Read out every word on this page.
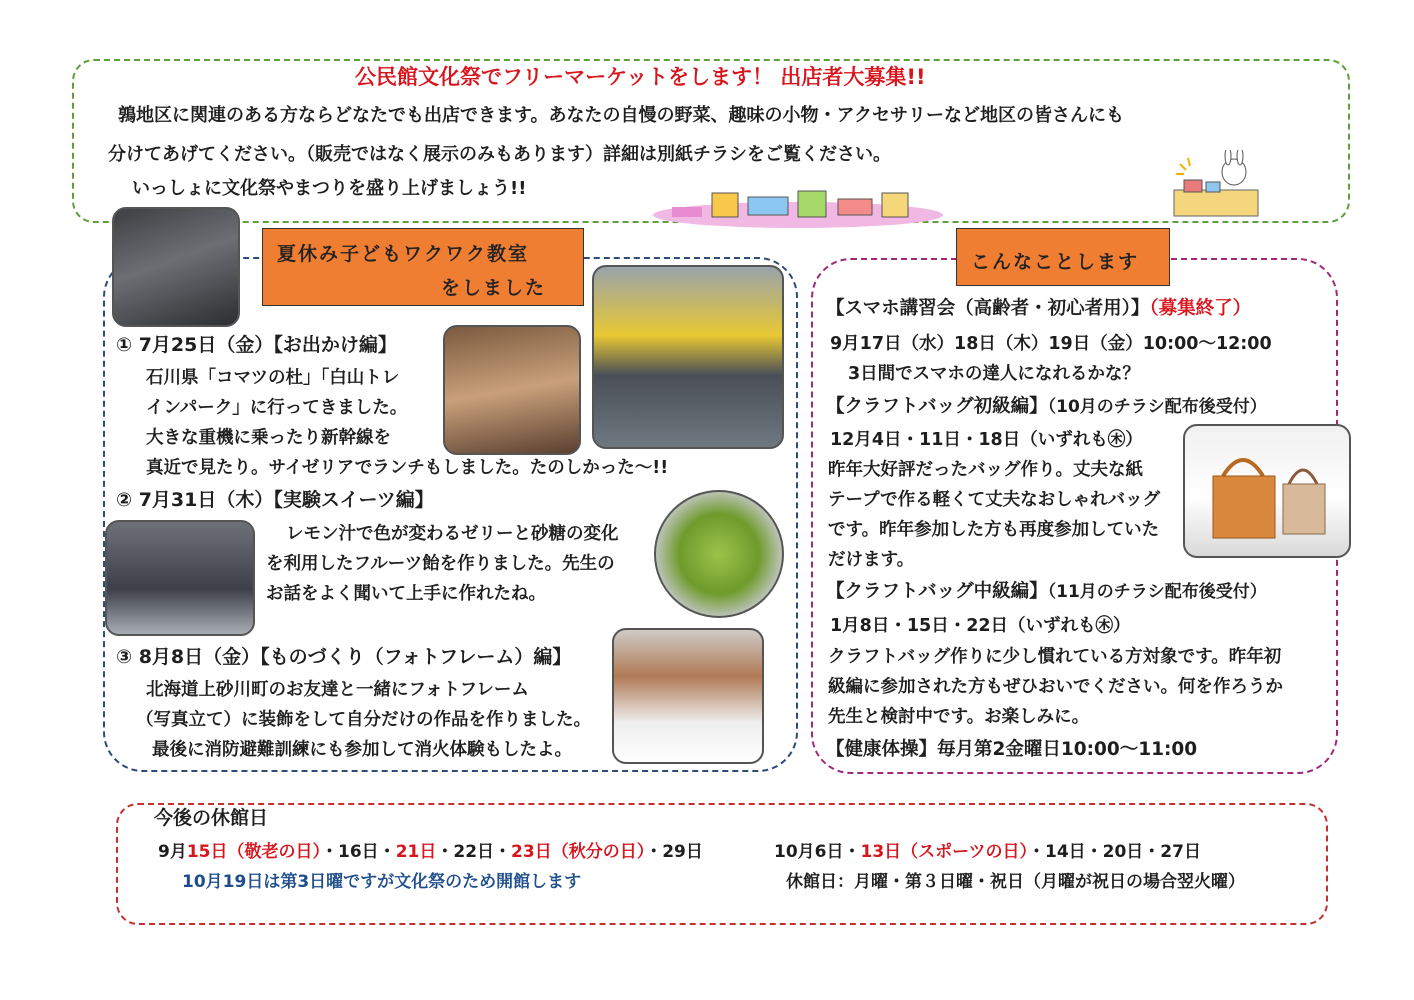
公民館文化祭でフリーマーケットをします！ 出店者大募集!!
鶉地区に関連のある方ならどなたでも出店できます。あなたの自慢の野菜、趣味の小物・アクセサリーなど地区の皆さんにも
分けてあげてください。（販売ではなく展示のみもあります）詳細は別紙チラシをご覧ください。
いっしょに文化祭やまつりを盛り上げましょう!!
夏休み子どもワクワク教室
をしました
① 7月25日（金）【お出かけ編】
石川県「コマツの杜」「白山トレ
インパーク」に行ってきました。
大きな重機に乗ったり新幹線を
真近で見たり。サイゼリアでランチもしました。たのしかった～!!
② 7月31日（木）【実験スイーツ編】
レモン汁で色が変わるゼリーと砂糖の変化
を利用したフルーツ飴を作りました。先生の
お話をよく聞いて上手に作れたね。
③ 8月8日（金）【ものづくり（フォトフレーム）編】
北海道上砂川町のお友達と一緒にフォトフレーム
（写真立て）に装飾をして自分だけの作品を作りました。
最後に消防避難訓練にも参加して消火体験もしたよ。
こんなことします
【スマホ講習会（高齢者・初心者用）】（募集終了）
9月17日（水）18日（木）19日（金）10:00～12:00
3日間でスマホの達人になれるかな？
【クラフトバッグ初級編】（10月のチラシ配布後受付）
12月4日・11日・18日（いずれも㊍）
昨年大好評だったバッグ作り。丈夫な紙
テープで作る軽くて丈夫なおしゃれバッグ
です。昨年参加した方も再度参加していた
だけます。
【クラフトバッグ中級編】（11月のチラシ配布後受付）
1月8日・15日・22日（いずれも㊍）
クラフトバッグ作りに少し慣れている方対象です。昨年初
級編に参加された方もぜひおいでください。何を作ろうか
先生と検討中です。お楽しみに。
【健康体操】毎月第2金曜日10:00～11:00
今後の休館日
9月15日（敬老の日）・16日・21日・22日・23日（秋分の日）・29日	10月6日・13日（スポーツの日）・14日・20日・27日
10月19日は第3日曜ですが文化祭のため開館します	休館日：月曜・第３日曜・祝日（月曜が祝日の場合翌火曜）
